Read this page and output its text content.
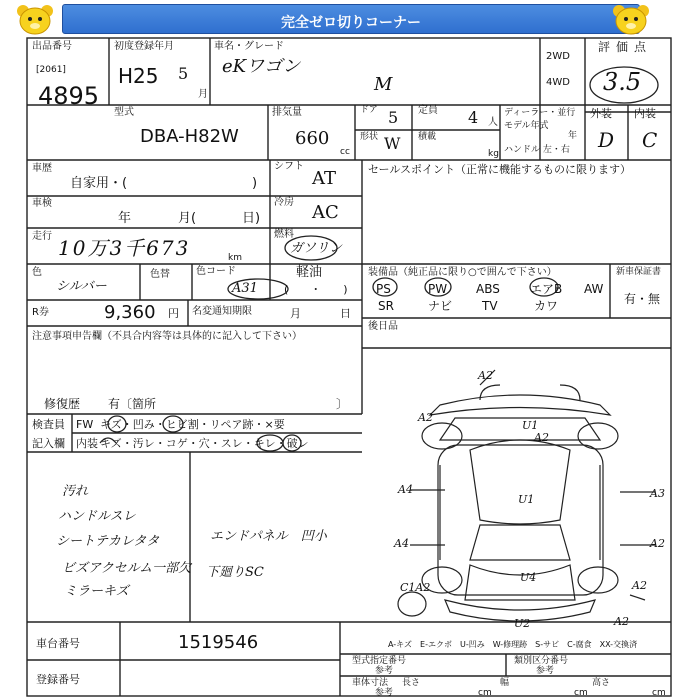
完全ゼロ切りコーナー
出品番号
[2061]
4895
初度登録年月
H25 5
月
車名・グレード
eKワゴン
M
2WD
4WD
評価点
3.5
型式
DBA-H82W
排気量
660
cc
ドア 5 定員 4 人
形状 W 積載
kg
ディーラー・並行
モデル年式
年
ハンドル 左・右
外装 内装
D C
車歴
自家用・(	)
シフト
AT	セールスポイント（正常に機能するものに限ります）
車検
年	月(	日)
冷房 AC
走行 10万3千673	km
燃料
ガソリン
軽油
(　　・　　)
色
シルバー
色替	色コード
A31
R券	9,360 円 名変通知期限	月	日
注意事項申告欄（不具合内容等は具体的に記入して下さい）
修復歴 有〔箇所	〕
装備品（純正品に限り○で囲んで下さい）
PS	PW ABS	エアB AW
SR	ナビ TV	カワ
新車保証書
有・無
後日品
検査員
記入欄
FW キズ・凹み・ヒビ割・リペア跡・×要
内装 キズ・汚レ・コゲ・穴・スレ・キレ・破レ
汚れ
ハンドルスレ
シートテカレタタ
ビズアクセルム一部欠
ミラーキズ
エンドパネル　凹小
下廻りSC
A2
A2
U1
A2
A4
U1	A3
A4
U4
A2
C1A2	A2
U2	A2
車台番号	1519546
登録番号
A-キズ　E-エクボ　U-凹み　W-修理跡　S-サビ　C-腐食　XX-交換済
型式指定番号
参考
類別区分番号
参考
車体寸法
参考
長さ
cm
幅
cm
高さ
cm
